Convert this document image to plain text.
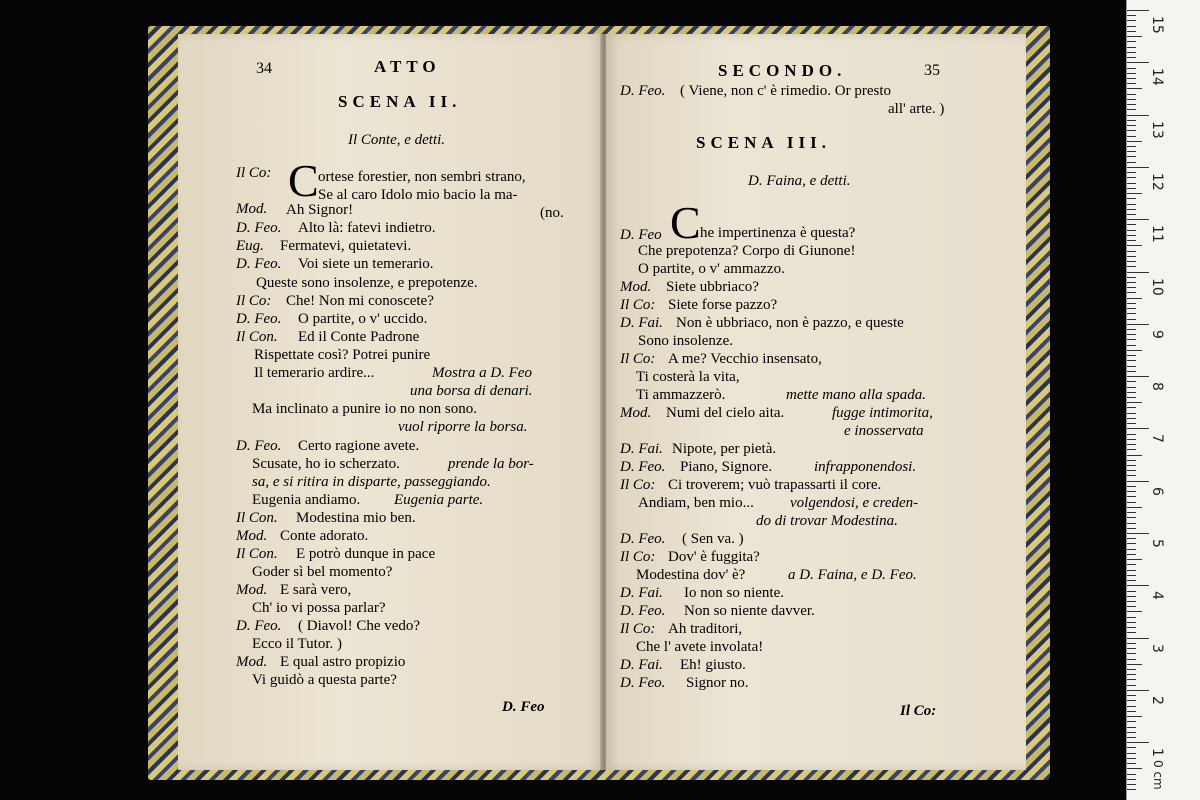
34	ATTO
SCENA II.
Il Conte, e detti.
Il Co: C ortese forestier, non sembri strano,
Se al caro Idolo mio bacio la ma-
Mod. Ah Signor!	(no.
D. Feo. Alto là: fatevi indietro.
Eug. Fermatevi, quietatevi.
D. Feo. Voi siete un temerario.
Queste sono insolenze, e prepotenze.
Il Co: Che! Non mi conoscete?
D. Feo. O partite, o v' uccido.
Il Con. Ed il Conte Padrone
Rispettate così? Potrei punire
Il temerario ardire...	Mostra a D. Feo
una borsa di denari.
Ma inclinato a punire io no non sono.
vuol riporre la borsa.
D. Feo. Certo ragione avete.
Scusate, ho io scherzato.	prende la bor-
sa, e si ritira in disparte, passeggiando.
Eugenia andiamo. Eugenia parte.
Il Con. Modestina mio ben.
Mod. Conte adorato.
Il Con. E potrò dunque in pace
Goder sì bel momento?
Mod. E sarà vero,
Ch' io vi possa parlar?
D. Feo. ( Diavol! Che vedo?
Ecco il Tutor. )
Mod. E qual astro propizio
Vi guidò a questa parte?
D. Feo
SECONDO.	35
D. Feo. ( Viene, non c' è rimedio. Or presto
all' arte. )
SCENA III.
D. Faina, e detti.
D. Feo C he impertinenza è questa?
Che prepotenza? Corpo di Giunone!
O partite, o v' ammazzo.
Mod. Siete ubbriaco?
Il Co: Siete forse pazzo?
D. Fai. Non è ubbriaco, non è pazzo, e queste
Sono insolenze.
Il Co: A me? Vecchio insensato,
Ti costerà la vita,
Ti ammazzerò.	mette mano alla spada.
Mod. Numi del cielo aita.	fugge intimorita,
e inosservata
D. Fai. Nipote, per pietà.
D. Feo. Piano, Signore.	infrapponendosi.
Il Co: Ci troverem; vuò trapassarti il core.
Andiam, ben mio... volgendosi, e creden-
do di trovar Modestina.
D. Feo. ( Sen va. )
Il Co: Dov' è fuggita?
Modestina dov' è?	a D. Faina, e D. Feo.
D. Fai. Io non so niente.
D. Feo. Non so niente davver.
Il Co: Ah traditori,
Che l' avete involata!
D. Fai. Eh! giusto.
D. Feo. Signor no.
Il Co:
15
14
13
12
11
10
9
8
7
6
5
4
3
2
1
0 cm
